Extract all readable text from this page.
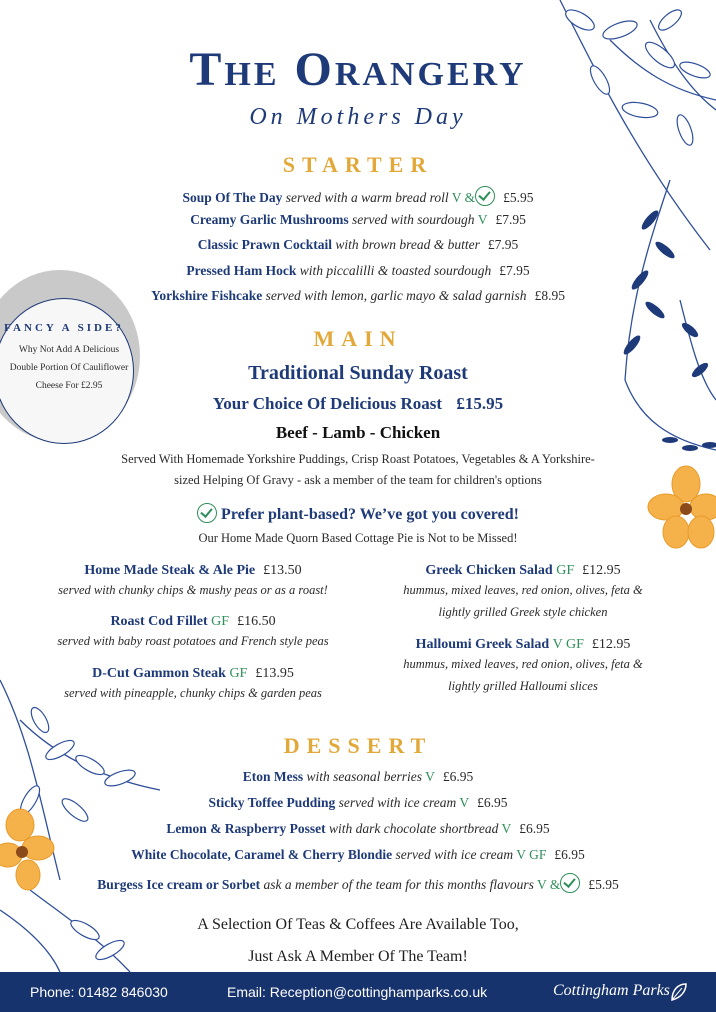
The Orangery
On Mothers Day
STARTER
Soup Of The Day served with a warm bread roll V & £5.95
Creamy Garlic Mushrooms served with sourdough V £7.95
Classic Prawn Cocktail with brown bread & butter £7.95
Pressed Ham Hock with piccalilli & toasted sourdough £7.95
Yorkshire Fishcake served with lemon, garlic mayo & salad garnish £8.95
FANCY A SIDE?
Why Not Add A Delicious Double Portion Of Cauliflower Cheese For £2.95
MAIN
Traditional Sunday Roast
Your Choice Of Delicious Roast £15.95
Beef - Lamb - Chicken
Served With Homemade Yorkshire Puddings, Crisp Roast Potatoes, Vegetables & A Yorkshire-
sized Helping Of Gravy - ask a member of the team for children's options
Prefer plant-based? We’ve got you covered!
Our Home Made Quorn Based Cottage Pie is Not to be Missed!
Home Made Steak & Ale Pie £13.50
served with chunky chips & mushy peas or as a roast!
Roast Cod Fillet GF £16.50
served with baby roast potatoes and French style peas
D-Cut Gammon Steak GF £13.95
served with pineapple, chunky chips & garden peas
Greek Chicken Salad GF £12.95
hummus, mixed leaves, red onion, olives, feta &
lightly grilled Greek style chicken
Halloumi Greek Salad V GF £12.95
hummus, mixed leaves, red onion, olives, feta &
lightly grilled Halloumi slices
DESSERT
Eton Mess with seasonal berries V £6.95
Sticky Toffee Pudding served with ice cream V £6.95
Lemon & Raspberry Posset with dark chocolate shortbread V £6.95
White Chocolate, Caramel & Cherry Blondie served with ice cream V GF £6.95
Burgess Ice cream or Sorbet ask a member of the team for this months flavours V & £5.95
A Selection Of Teas & Coffees Are Available Too,
Just Ask A Member Of The Team!
Phone: 01482 846030	Email: Reception@cottinghamparks.co.uk	Cottingham Parks
